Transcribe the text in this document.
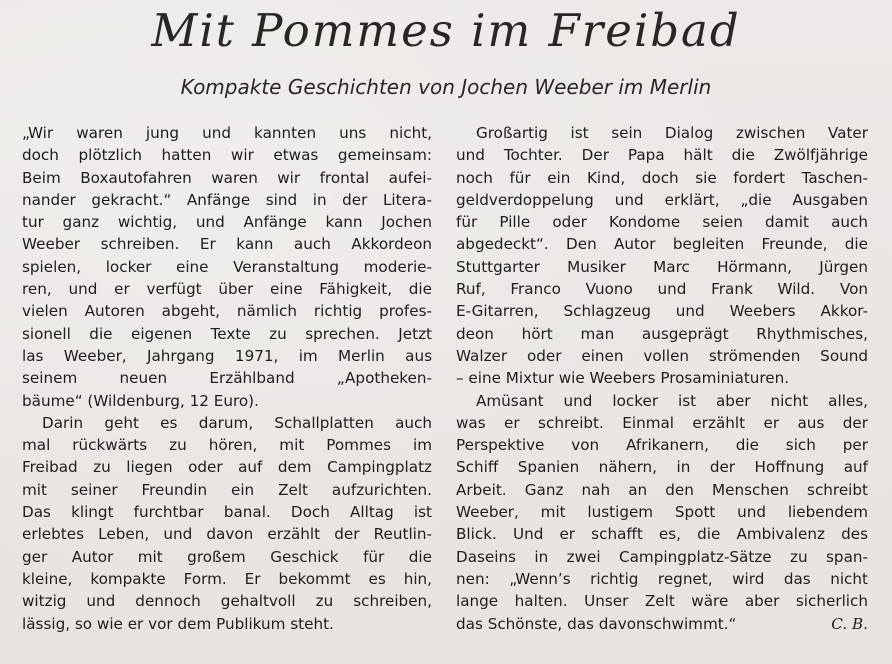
Mit Pommes im Freibad
Kompakte Geschichten von Jochen Weeber im Merlin
„Wir waren jung und kannten uns nicht,
doch plötzlich hatten wir etwas gemeinsam:
Beim Boxautofahren waren wir frontal aufei-
nander gekracht.“ Anfänge sind in der Litera-
tur ganz wichtig, und Anfänge kann Jochen
Weeber schreiben. Er kann auch Akkordeon
spielen, locker eine Veranstaltung moderie-
ren, und er verfügt über eine Fähigkeit, die
vielen Autoren abgeht, nämlich richtig profes-
sionell die eigenen Texte zu sprechen. Jetzt
las Weeber, Jahrgang 1971, im Merlin aus
seinem neuen Erzählband „Apotheken-
bäume“ (Wildenburg, 12 Euro).
Darin geht es darum, Schallplatten auch
mal rückwärts zu hören, mit Pommes im
Freibad zu liegen oder auf dem Campingplatz
mit seiner Freundin ein Zelt aufzurichten.
Das klingt furchtbar banal. Doch Alltag ist
erlebtes Leben, und davon erzählt der Reutlin-
ger Autor mit großem Geschick für die
kleine, kompakte Form. Er bekommt es hin,
witzig und dennoch gehaltvoll zu schreiben,
lässig, so wie er vor dem Publikum steht.
Großartig ist sein Dialog zwischen Vater
und Tochter. Der Papa hält die Zwölfjährige
noch für ein Kind, doch sie fordert Taschen-
geldverdoppelung und erklärt, „die Ausgaben
für Pille oder Kondome seien damit auch
abgedeckt“. Den Autor begleiten Freunde, die
Stuttgarter Musiker Marc Hörmann, Jürgen
Ruf, Franco Vuono und Frank Wild. Von
E-Gitarren, Schlagzeug und Weebers Akkor-
deon hört man ausgeprägt Rhythmisches,
Walzer oder einen vollen strömenden Sound
– eine Mixtur wie Weebers Prosaminiaturen.
Amüsant und locker ist aber nicht alles,
was er schreibt. Einmal erzählt er aus der
Perspektive von Afrikanern, die sich per
Schiff Spanien nähern, in der Hoffnung auf
Arbeit. Ganz nah an den Menschen schreibt
Weeber, mit lustigem Spott und liebendem
Blick. Und er schafft es, die Ambivalenz des
Daseins in zwei Campingplatz-Sätze zu span-
nen: „Wenn’s richtig regnet, wird das nicht
lange halten. Unser Zelt wäre aber sicherlich
das Schönste, das davonschwimmt.“	C. B.
